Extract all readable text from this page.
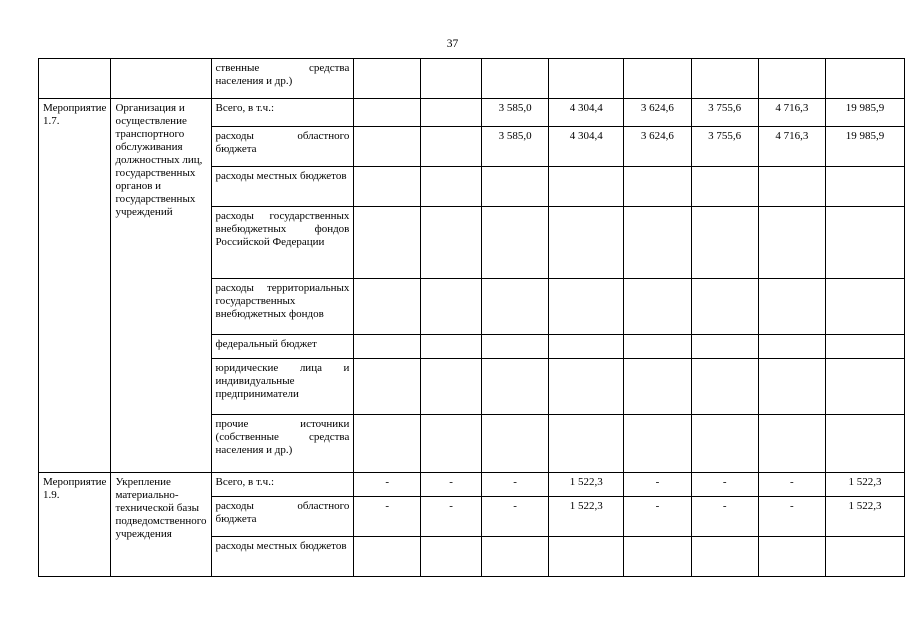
37
		ственные средства населения и др.)								
Мероприятие 1.7.	Организация и осуществление транспортного обслуживания должностных лиц, государственных органов и государственных учреждений	Всего, в т.ч.:			3 585,0	4 304,4	3 624,6	3 755,6	4 716,3	19 985,9
		расходы областного бюджета			3 585,0	4 304,4	3 624,6	3 755,6	4 716,3	19 985,9
		расходы местных бюджетов								
		расходы государственных внебюджетных фондов Российской Федерации								
		расходы территориальных государственных внебюджетных фондов								
		федеральный бюджет								
		юридические лица и индивидуальные предприниматели								
		прочие источники (собственные средства населения и др.)								
Мероприятие 1.9.	Укрепление материально-технической базы подведомственного учреждения	Всего, в т.ч.:	-	-	-	1 522,3	-	-	-	1 522,3
		расходы областного бюджета	-	-	-	1 522,3	-	-	-	1 522,3
		расходы местных бюджетов								
